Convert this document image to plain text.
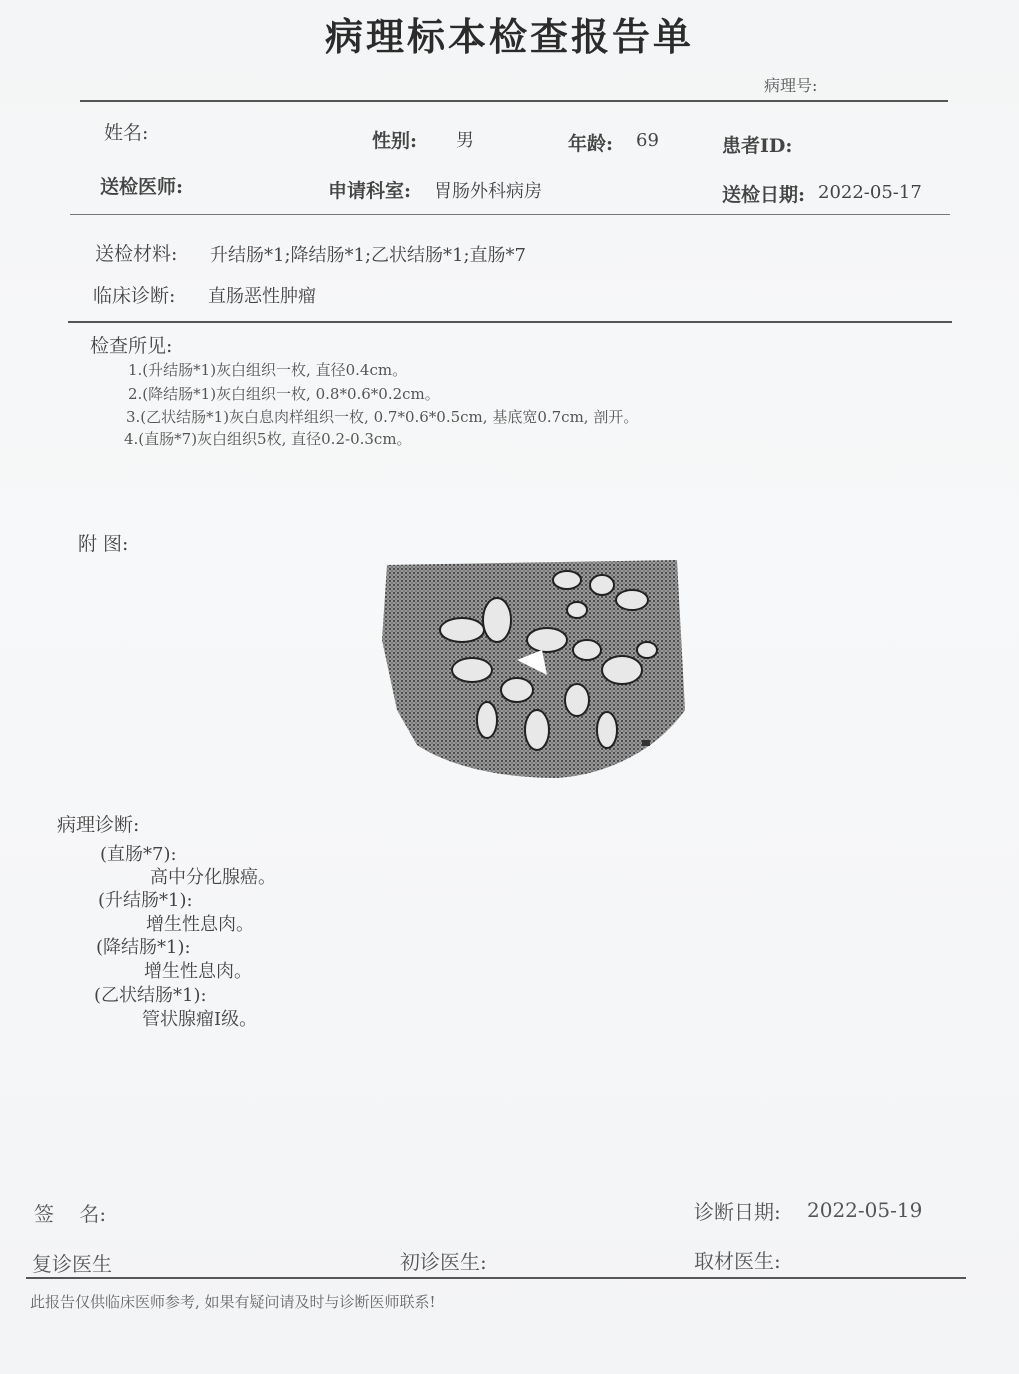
病理标本检查报告单
病理号:
姓名:	性别: 男	年龄: 69	患者ID:
送检医师:	申请科室: 胃肠外科病房	送检日期: 2022-05-17
送检材料: 升结肠*1;降结肠*1;乙状结肠*1;直肠*7
临床诊断: 直肠恶性肿瘤
检查所见:
1.(升结肠*1)灰白组织一枚, 直径0.4cm。
2.(降结肠*1)灰白组织一枚, 0.8*0.6*0.2cm。
3.(乙状结肠*1)灰白息肉样组织一枚, 0.7*0.6*0.5cm, 基底宽0.7cm, 剖开。
4.(直肠*7)灰白组织5枚, 直径0.2-0.3cm。
附 图:
病理诊断:
(直肠*7):
高中分化腺癌。
(升结肠*1):
增生性息肉。
(降结肠*1):
增生性息肉。
(乙状结肠*1):
管状腺瘤Ⅰ级。
签    名:	诊断日期: 2022-05-19
复诊医生	初诊医生:	取材医生:
此报告仅供临床医师参考, 如果有疑问请及时与诊断医师联系!
